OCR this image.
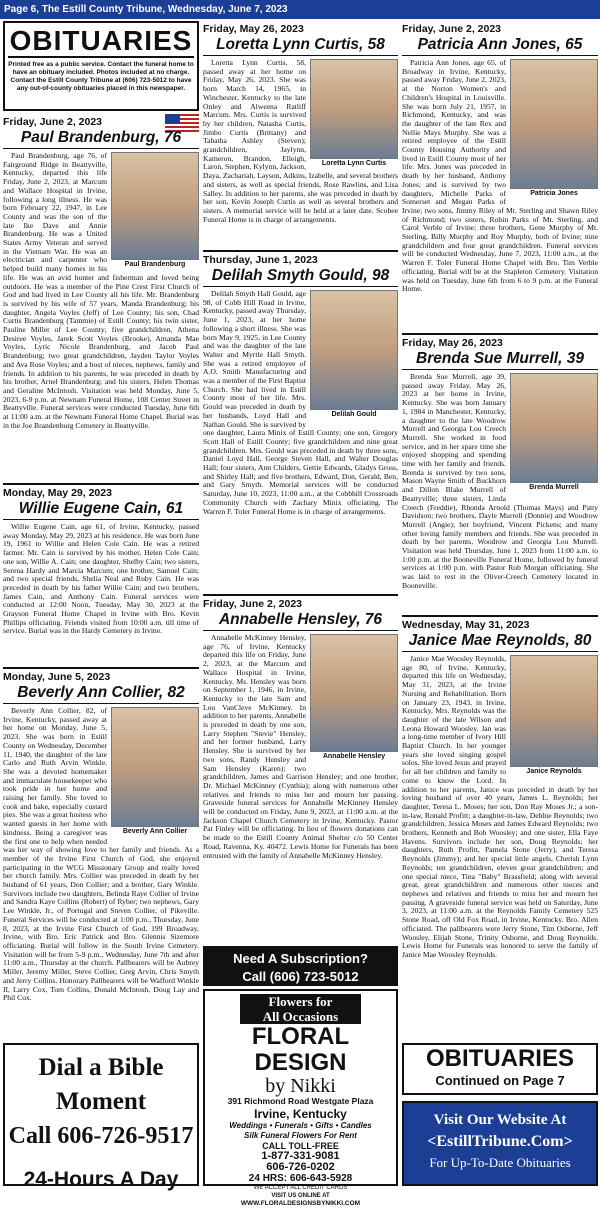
Page 6, The Estill County Tribune, Wednesday, June 7, 2023
OBITUARIES

Printed free as a public service. Contact the funeral home to have an obituary included. Photos included at no charge. Contact the Estill County Tribune at (606) 723-5012 to have any out-of-county obituaries placed in this newspaper.

Friday, June 2, 2023
Paul Brandenburg, 76
Paul Brandenburg

Paul Brandenburg, age 76, of Fairground Ridge in Beattyville, Kentucky, departed this life Friday, June 2, 2023, at Marcum and Wallace Hospital in Irvine, following a long illness. He was born February 22, 1947, in Lee County and was the son of the late Ike Dave and Annie Brandenburg. He was a United States Army Veteran and served in the Vietnam War. He was an electrician and carpenter who helped build many homes in his life. He was an avid hunter and fisherman and loved being outdoors. He was a member of the Pine Crest First Church of God and had lived in Lee County all his life. Mr. Brandenburg is survived by his wife of 57 years, Manda Brandenburg; his daughter, Angela Voyles (Jeff) of Lee County; his son, Chad Curtis Brandenburg (Tammie) of Estill County; his twin sister, Pauline Miller of Lee County; five grandchildren, Athena Desiree Voyles, Jarek Scott Voyles (Brooke), Amanda Mae Voyles, Lyric Nicole Brandenburg, and Jacob Paul Brandenburg; two great grandchildren, Jayden Taylor Voyles and Ava Rose Voyles; and a host of nieces, nephews, family and friends. In addition to his parents, he was preceded in death by his brother, Arnel Brandenburg; and his sisters, Helen Thomas and Geraline McIntosh. Visitation was held Monday, June 5, 2023, 6-9 p.m. at Newnam Funeral Home, 108 Center Street in Beattyville. Funeral services were conducted Tuesday, June 6th at 11:00 a.m. at the Newnam Funeral Home Chapel. Burial was in the Joe Brandenburg Cemetery in Beattyville.

Monday, May 29, 2023
Willie Eugene Cain, 61

Willie Eugene Cain, age 61, of Irvine, Kentucky, passed away Monday, May 29, 2023 at his residence. He was born June 19, 1961 to Willie and Helen Cole Cain. He was a retired farmer. Mr. Cain is survived by his mother, Helen Cole Cain; one son, Willie A. Cain; one daughter, Shelby Cain; two sisters, Serena Hardy and Marcia Marcum; one brother, Samuel Cain; and two special friends, Shelia Neal and Ruby Cain. He was preceded in death by his father Willie Cain; and two brothers, James Cain, and Anthony Cain. Funeral services were conducted at 12:00 Noon, Tuesday, May 30, 2023 at the Grayson Funeral Home Chapel in Irvine with Bro. Kevin Phillips officiating. Friends visited from 10:00 a.m. till time of service. Burial was in the Hardy Cemetery in Irvine.

Monday, June 5, 2023
Beverly Ann Collier, 82
Beverly Ann Collier

Beverly Ann Collier, 82, of Irvine, Kentucky, passed away at her home on Monday, June 5, 2023. She was born in Estill County on Wednesday, December 11, 1940, the daughter of the late Carlo and Ruth Arvin Winkle. She was a devoted homemaker and immaculate housekeeper who took pride in her home and raising her family. She loved to cook and bake, especially custard pies. She was a great hostess who wanted guests in her home with kindness. Being a caregiver was the first one to help when needed was her way of showing love to her family and friends. As a member of the Irvine First Church of God, she enjoyed participating in the WCG Missionary Group and really loved her church family. Mrs. Collier was preceded in death by her husband of 61 years, Don Collier; and a brother, Gary Winkle. Survivors include two daughters, Belinda Raye Collier of Irvine and Sandra Kaye Collins (Robert) of Ryber; two nephews, Gary Lee Winkle, Jr., of Portugal and Steven Collier, of Pikeville. Funeral Services will be conducted at 1:00 p.m., Thursday, June 8, 2023, at the Irvine First Church of God, 199 Broadway, Irvine, with Bro. Eric Patrick and Bro. Glennis Sizemore officiating. Burial will follow in the South Irvine Cemetery. Visitation will be from 5-9 p.m., Wednesday, June 7th and after 11:00 a.m., Thursday at the church. Pallbearers will be Aubrey Miller, Jeremy Miller, Steve Collier, Greg Arvin, Chris Smyth and Jerry Collins. Honorary Pallbearers will be Wafford Winkle II, Larry Cox, Tom Collins, Donald McIntosh, Doug Lay and Phil Cox.

Dial a Bible Moment
Call 606-726-9517
24-Hours A Day
Friday, May 26, 2023
Loretta Lynn Curtis, 58
Loretta Lynn Curtis

Loretta Lynn Curtis, 58, passed away at her home on Friday, May 26, 2023. She was born March 14, 1965, in Winchester, Kentucky to the late Onley and Alweena Ratliff Marcum. Mrs. Curtis is survived by her children, Natasha Curtis, Jimbo Curtis (Brittany) and Tabatha Ashley (Steven); grandchildren, Jaylynn, Kameron, Brandon, Elleigh, Laron, Stephen, Kylynn, Jackson, Daya, Zachariah, Layson, Adkins, Izabelle, and several brothers and sisters, as well as special friends, Rose Rawlins, and Lisa Salley. In addition to her parents, she was preceded in death by her son, Kevin Joseph Curtis as well as several brothers and sisters. A memorial service will be held at a later date. Scobee Funeral Home is in charge of arrangements.

Thursday, June 1, 2023
Delilah Smyth Gould, 98
Delilah Gould

Delilah Smyth Hall Gould, age 98, of Cobb Hill Road in Irvine, Kentucky, passed away Thursday, June 1, 2023, at her home following a short illness. She was born May 9, 1925, in Lee County and was the daughter of the late Walter and Myrtle Hall Smyth. She was a retired employee of A.O. Smith Manufacturing and was a member of the First Baptist Church. She had lived in Estill County most of her life. Mrs. Gould was preceded in death by her husbands, Loyd Hall and Nathan Gould. She is survived by one daughter, Laura Minix of Estill County; one son, Gregory Scott Hall of Estill County; five grandchildren and nine great grandchildren. Mrs. Gould was preceded in death by three sons, Daniel Loyd Hall, George Steven Hall, and Walter Douglas Hall; four sisters, Ann Childers, Gettie Edwards, Gladys Gross, and Shirley Hall; and five brothers, Edward, Don, Gerald, Ben, and Gary Smyth. Memorial services will be conducted Saturday, June 10, 2023, 11:00 a.m., at the Cobbhill Crossroads Community Church with Zachary Minix officiating. The Warren F. Toler Funeral Home is in charge of arrangements.

Friday, June 2, 2023
Annabelle Hensley, 76
Annabelle Hensley

Annabelle McKinney Hensley, age 76, of Irvine, Kentucky departed this life on Friday, June 2, 2023, at the Marcum and Wallace Hospital in Irvine, Kentucky. Ms. Hensley was born on September 1, 1946, in Irvine, Kentucky to the late Sam and Lou VanCleve McKinney. In addition to her parents, Annabelle is preceded in death by one son, Larry Stephen "Stevie" Hensley, and her former husband, Larry Hensley. She is survived by her two sons, Randy Hensley and Sam Hensley (Karen); two grandchildren, James and Garrison Hensley; and one brother, Dr. Michael McKinney (Cynthia); along with numerous other relatives and friends to miss her and mourn her passing. Graveside funeral services for Annabelle McKinney Hensley will be conducted on Friday, June 9, 2023, at 11:00 a.m. at the Jackson Chapel Church Cemetery in Irvine, Kentucky. Pastor Pat Finley will be officiating. In lieu of flowers donations can be made to the Estill County Animal Shelter c/o 50 Center Road, Ravenna, Ky. 40472. Lewis Home for Funerals has been entrusted with the family of Annabelle McKinney Hensley.

Need A Subscription?
Call (606) 723-5012
Flowers for
All Occasions
FLORAL DESIGN
by Nikki
391 Richmond Road Westgate Plaza
Irvine, Kentucky
Weddings • Funerals • Gifts • Candles
Silk Funeral Flowers For Rent
CALL TOLL-FREE
1-877-331-9081
606-726-0202
24 HRS: 606-643-5928
WE ACCEPT ALL CREDIT CARDS
VISIT US ONLINE AT
WWW.FLORALDESIGNSBYNIKKI.COM
Friday, June 2, 2023
Patricia Ann Jones, 65
Patricia Jones

Patricia Ann Jones, age 65, of Broadway in Irvine, Kentucky, passed away Friday, June 2, 2023, at the Norton Women's and Children's Hospital in Louisville. She was born July 21, 1957, in Richmond, Kentucky, and was the daughter of the late Rex and Nellie Mays Murphy. She was a retired employee of the Estill County Housing Authority and lived in Estill County most of her life. Mrs. Jones was preceded in death by her husband, Anthony Jones; and is survived by two daughters, Michelle Parks of Somerset and Megan Parks of Irvine; two sons, Jimmy Riley of Mt. Sterling and Shawn Riley of Richmond; two sisters, Robin Parks of Mt. Sterling, and Carol Verble of Irvine; three brothers, Gene Murphy of Mt. Sterling, Billy Murphy and Roy Murphy, both of Irvine; nine grandchildren and four great grandchildren. Funeral services will be conducted Wednesday, June 7, 2023, 11:00 a.m., at the Warren F. Toler Funeral Home Chapel with Bro. Tim Verble officiating. Burial will be at the Stapleton Cemetery. Visitation was held on Tuesday, June 6th from 6 to 9 p.m. at the Funeral Home.

Friday, May 26, 2023
Brenda Sue Murrell, 39
Brenda Murrell

Brenda Sue Murrell, age 39, passed away Friday, May 26, 2023 at her home in Irvine, Kentucky. She was born January 1, 1984 in Manchester, Kentucky, a daughter to the late Woodrow Murrell and Georgia Lou Creech Murrell. She worked in food service, and in her spare time she enjoyed shopping and spending time with her family and friends. Brenda is survived by two sons, Mason Wayne Smith of Buckhorn and Dillon Blake Murrell of Beattyville; three sisters, Linda Creech (Freddie), Rhonda Arnold (Thomas Mays) and Patty Davidson; two brothers, Dayle Murrell (Donnie) and Woodrow Murrell (Angie); her boyfriend, Vincent Pickens; and many other loving family members and friends. She was preceded in death by her parents, Woodrow and Georgia Lou Murrell. Visitation was held Thursday, June 1, 2023 from 11:00 a.m. to 1:00 p.m. at the Booneville Funeral Home, followed by funeral services at 1:00 p.m. with Pastor Rob Morgan officiating. She was laid to rest in the Oliver-Creech Cemetery located in Booneville.

Wednesday, May 31, 2023
Janice Mae Reynolds, 80
Janice Reynolds

Janice Mae Woosley Reynolds, age 80, of Irvine, Kentucky, departed this life on Wednesday, May 31, 2023, at the Irvine Nursing and Rehabilitation. Born on January 23, 1943, in Irvine, Kentucky, Mrs. Reynolds was the daughter of the late Wilson and Leona Howard Woosley. Jan was a long-time member of Ivory Hill Baptist Church. In her younger years she loved singing gospel solos. She loved Jesus and prayed for all her children and family to come to know the Lord. In addition to her parents, Janice was preceded in death by her loving husband of over 40 years, James L. Reynolds; her daughter, Teresa L. Moses; her son, Don Ray Moses Jr.; a son-in-law, Ronald Profitt; a daughter-in-law, Debbie Reynolds; two grandchildren, Jessica Moses and James Edward Reynolds; two brothers, Kenneth and Bob Woosley; and one sister, Ella Faye Havens. Survivors include her son, Doug Reynolds; her daughters, Ruth Profitt, Pamela Stone (Jerry), and Teresa Reynolds (Jimmy); and her special little angels, Cherish Lynn Reynolds; ten grandchildren, eleven great grandchildren; and one special niece, Tina "Baby" Brassfield; along with several great, great grandchildren and numerous other nieces and nephews and relatives and friends to miss her and mourn her passing. A graveside funeral service was held on Saturday, June 3, 2023, at 11:00 a.m. at the Reynolds Family Cemetery 525 Stone Road, off Old Fox Road, in Irvine, Kentucky. Bro. Allen officiated. The pallbearers were Jerry Stone, Tim Osborne, Jeff Woosley, Elijah Stone, Trinity Osborne, and Doug Reynolds. Lewis Home for Funerals was honored to serve the family of Janice Mae Woosley Reynolds.

OBITUARIES
Continued on Page 7
Visit Our Website At
<EstillTribune.Com>
For Up-To-Date Obituaries
